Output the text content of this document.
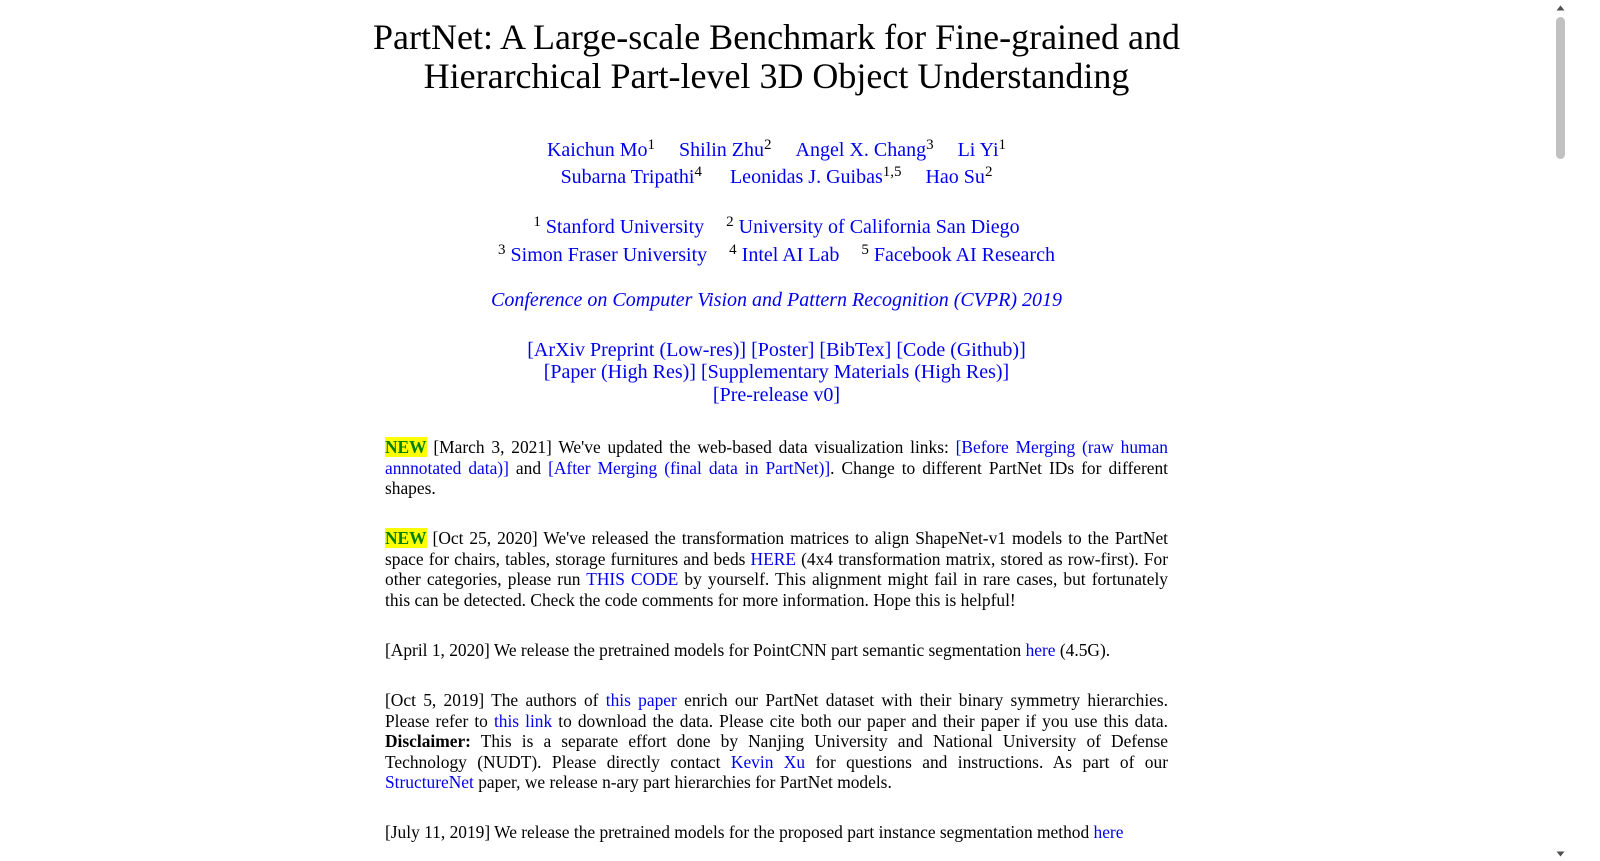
PartNet: A Large-scale Benchmark for Fine-grained and
Hierarchical Part-level 3D Object Understanding
Kaichun Mo$^1$ Shilin Zhu$^2$ Angel X. Chang$^3$ Li Yi$^1$
Subarna Tripathi$^4$ Leonidas J. Guibas$^{1,5}$ Hao Su$^2$
$^1$ Stanford University $^2$ University of California San Diego
$^3$ Simon Fraser University $^4$ Intel AI Lab $^5$ Facebook AI Research
Conference on Computer Vision and Pattern Recognition (CVPR) 2019
[ArXiv Preprint (Low-res)] [Poster] [BibTex] [Code (Github)]
[Paper (High Res)] [Supplementary Materials (High Res)]
[Pre-release v0]

NEW [March 3, 2021] We've updated the web-based data visualization links: [Before Merging (raw human annnotated data)] and [After Merging (final data in PartNet)]. Change to different PartNet IDs for different shapes.

NEW [Oct 25, 2020] We've released the transformation matrices to align ShapeNet-v1 models to the PartNet space for chairs, tables, storage furnitures and beds HERE (4x4 transformation matrix, stored as row-first). For other categories, please run THIS CODE by yourself. This alignment might fail in rare cases, but fortunately this can be detected. Check the code comments for more information. Hope this is helpful!

[April 1, 2020] We release the pretrained models for PointCNN part semantic segmentation here (4.5G).

[Oct 5, 2019] The authors of this paper enrich our PartNet dataset with their binary symmetry hierarchies. Please refer to this link to download the data. Please cite both our paper and their paper if you use this data. Disclaimer: This is a separate effort done by Nanjing University and National University of Defense Technology (NUDT). Please directly contact Kevin Xu for questions and instructions. As part of our StructureNet paper, we release n-ary part hierarchies for PartNet models.

[July 11, 2019] We release the pretrained models for the proposed part instance segmentation method here
